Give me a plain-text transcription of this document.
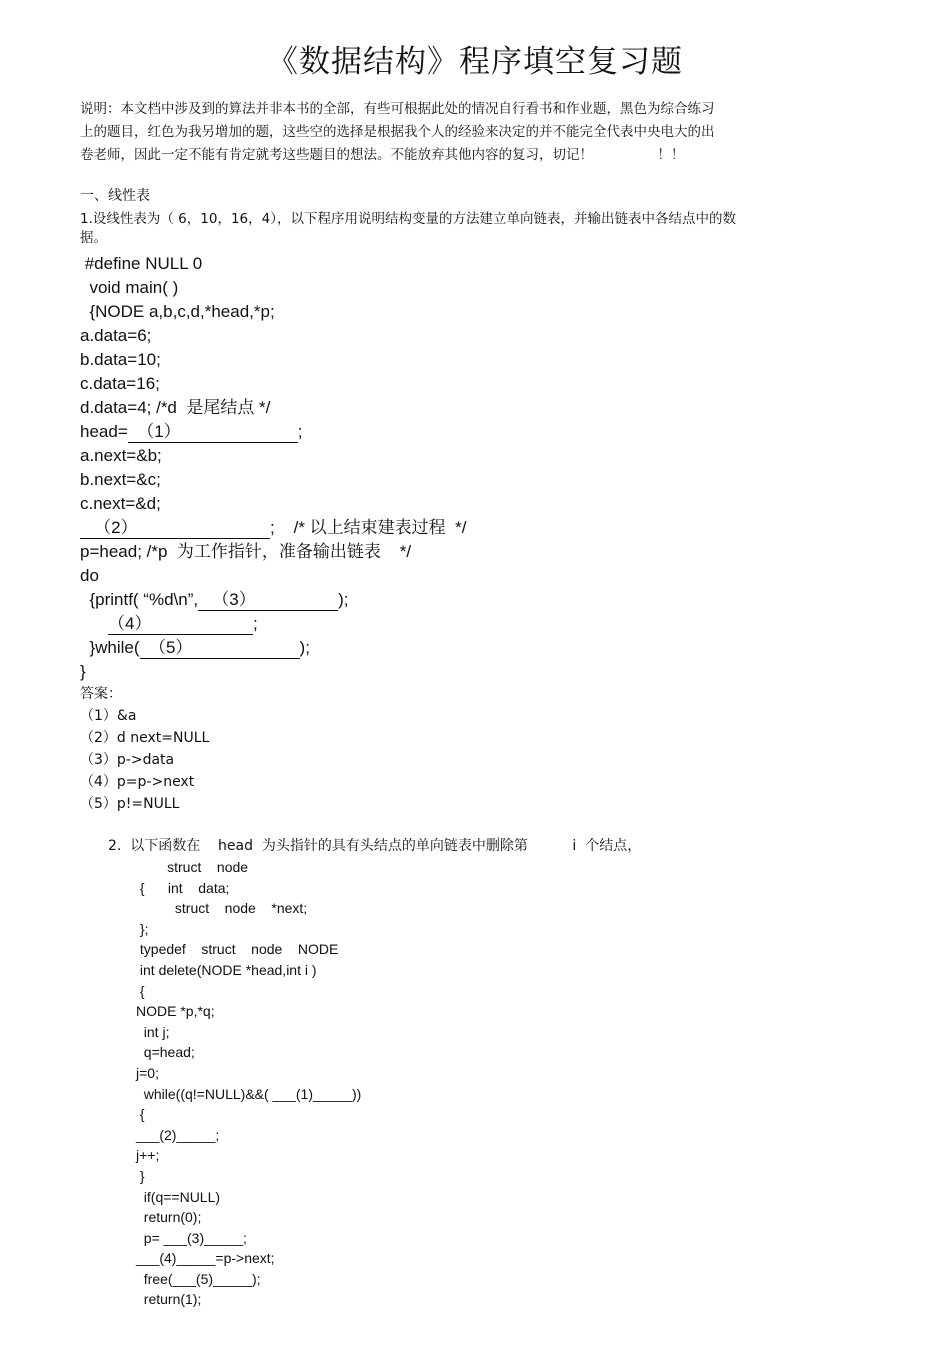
《数据结构》程序填空复习题

说明：本文档中涉及到的算法并非本书的全部，有些可根据此处的情况自行看书和作业题，黑色为综合练习

上的题目，红色为我另增加的题，这些空的选择是根据我个人的经验来决定的并不能完全代表中央电大的出

卷老师，因此一定不能有肯定就考这些题目的想法。不能放弃其他内容的复习，切记！               ！！

一、线性表

1.设线性表为（ 6，10，16，4），以下程序用说明结构变量的方法建立单向链表，并输出链表中各结点中的数

据。

#define NULL 0
void main( )
{NODE a,b,c,d,*head,*p;
a.data=6;
b.data=10;
c.data=16;
d.data=4; /*d  是尾结点 */
head=  （1）	;
a.next=&b;
b.next=&c;
c.next=&d;
（2）	;    /* 以上结束建表过程  */
p=head; /*p  为工作指针，准备输出链表    */
do
{printf( “%d\n”,   （3）	);
（4）	;
}while(  （5）	);
}
答案：
（1）&a
（2）d next=NULL
（3）p->data
（4）p=p->next
（5）p!=NULL
2.  以下函数在    head  为头指针的具有头结点的单向链表中删除第          i  个结点，
struct    node
{      int    data;
struct    node    *next;
};
typedef    struct    node    NODE
int delete(NODE *head,int i )
{
NODE *p,*q;
int j;
q=head;
j=0;
while((q!=NULL)&&( ___(1)_____))
{
___(2)_____;
j++;
}
if(q==NULL)
return(0);
p= ___(3)_____;
___(4)_____=p->next;
free(___(5)_____);
return(1);
